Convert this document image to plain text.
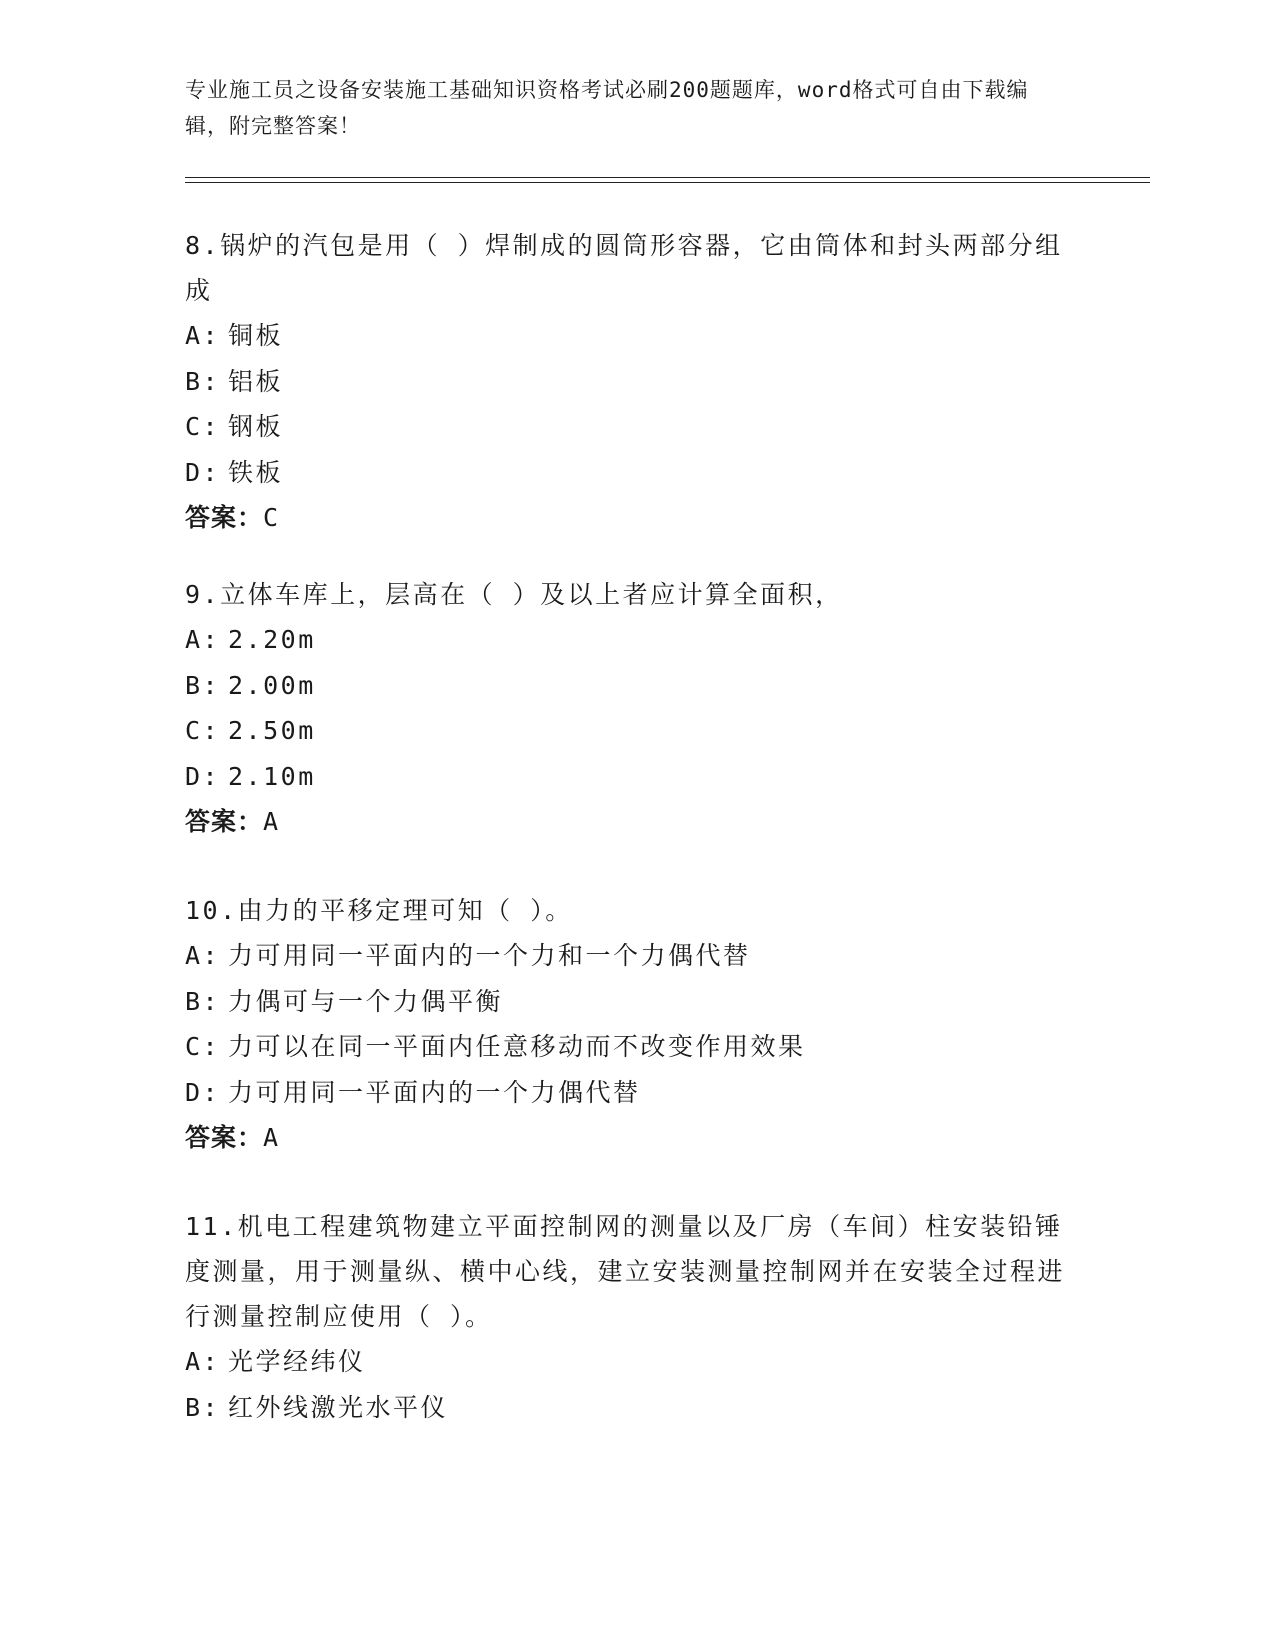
专业施工员之设备安装施工基础知识资格考试必刷200题题库，word格式可自由下载编辑，附完整答案！

8.锅炉的汽包是用（ ）焊制成的圆筒形容器，它由筒体和封头两部分组成

A: 铜板

B: 铝板

C: 钢板

D: 铁板

答案：C

9.立体车库上，层高在（ ）及以上者应计算全面积，

A: 2.20m

B: 2.00m

C: 2.50m

D: 2.10m

答案：A

10.由力的平移定理可知（ ）。

A: 力可用同一平面内的一个力和一个力偶代替

B: 力偶可与一个力偶平衡

C: 力可以在同一平面内任意移动而不改变作用效果

D: 力可用同一平面内的一个力偶代替

答案：A

11.机电工程建筑物建立平面控制网的测量以及厂房（车间）柱安装铅锤度测量，用于测量纵、横中心线，建立安装测量控制网并在安装全过程进行测量控制应使用（ ）。

A: 光学经纬仪

B: 红外线激光水平仪
